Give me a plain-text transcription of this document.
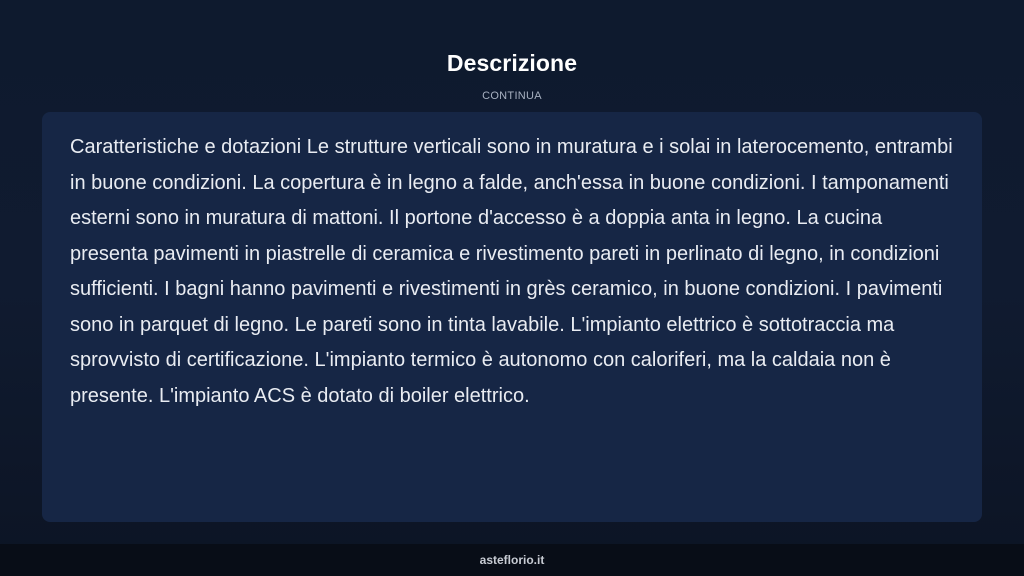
Descrizione
CONTINUA

Caratteristiche e dotazioni Le strutture verticali sono in muratura e i solai in laterocemento, entrambi in buone condizioni. La copertura è in legno a falde, anch'essa in buone condizioni. I tamponamenti esterni sono in muratura di mattoni. Il portone d'accesso è a doppia anta in legno. La cucina presenta pavimenti in piastrelle di ceramica e rivestimento pareti in perlinato di legno, in condizioni sufficienti. I bagni hanno pavimenti e rivestimenti in grès ceramico, in buone condizioni. I pavimenti sono in parquet di legno. Le pareti sono in tinta lavabile. L'impianto elettrico è sottotraccia ma sprovvisto di certificazione. L'impianto termico è autonomo con caloriferi, ma la caldaia non è presente. L'impianto ACS è dotato di boiler elettrico.

asteflorio.it
